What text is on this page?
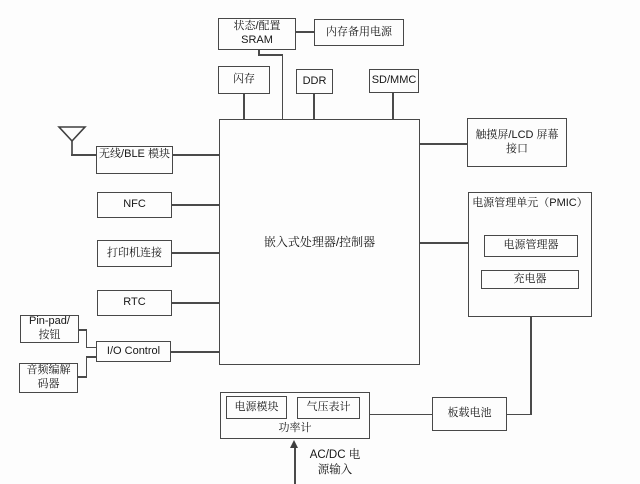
状态/配置
SRAM
内存备用电源
闪存	DDR	SD/MMC
嵌入式处理器/控制器
无线/BLE 模块
NFC
打印机连接
RTC
Pin-pad/
按钮
音频编解
码器
I/O Control
触摸屏/LCD 屏幕
接口
电源管理单元（PMIC）
电源管理器
充电器
功率计
电源模块	气压表计	板载电池
AC/DC 电
源输入
